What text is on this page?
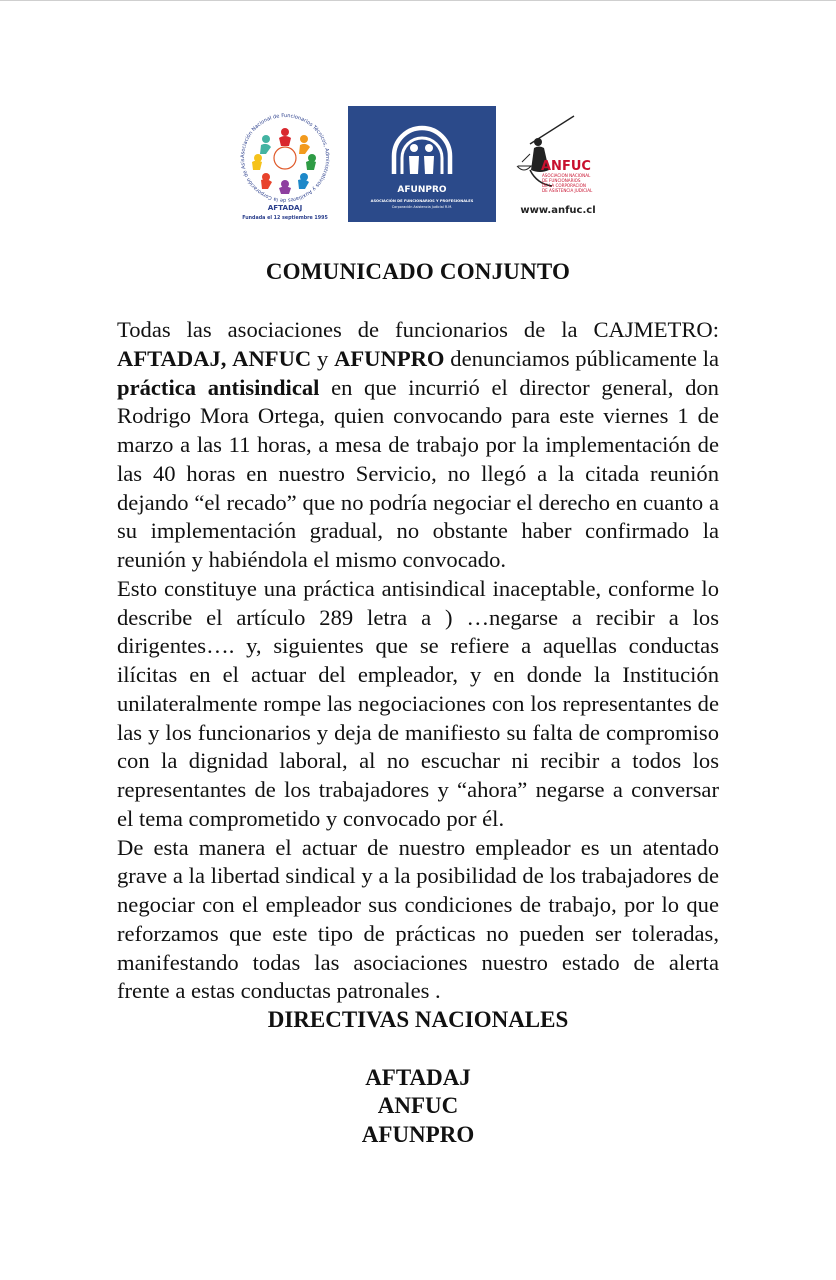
Asociación Nacional de Funcionarios Técnicos, Administrativos y Auxiliares de la Corporación de Asis
AFTADAJ
Fundada el 12 septiembre 1995
AFUNPRO
ASOCIACIÓN DE FUNCIONARIOS Y PROFESIONALES
Corporación Asistencia Judicial R.M.
ANFUC
ASOCIACION NACIONAL
DE FUNCIONARIOS
DE LA CORPORACION
DE ASISTENCIA JUDICIAL
www.anfuc.cl
COMUNICADO CONJUNTO

Todas las asociaciones de funcionarios de la CAJMETRO: AFTADAJ, ANFUC y AFUNPRO denunciamos públicamente la práctica antisindical en que incurrió el director general, don Rodrigo Mora Ortega, quien convocando para este viernes 1 de marzo a las 11 horas, a mesa de trabajo por la implementación de las 40 horas en nuestro Servicio, no llegó a la citada reunión dejando “el recado” que no podría negociar el derecho en cuanto a su implementación gradual, no obstante haber confirmado la reunión y habiéndola el mismo convocado.

Esto constituye una práctica antisindical inaceptable, conforme lo describe el artículo 289 letra a ) …negarse a recibir a los dirigentes…. y, siguientes que se refiere a aquellas conductas ilícitas en el actuar del empleador, y en donde la Institución unilateralmente rompe las negociaciones con los representantes de las y los funcionarios y deja de manifiesto su falta de compromiso con la dignidad laboral, al no escuchar ni recibir a todos los representantes de los trabajadores y “ahora” negarse a conversar el tema comprometido y convocado por él.

De esta manera el actuar de nuestro empleador es un atentado grave a la libertad sindical y a la posibilidad de los trabajadores de negociar con el empleador sus condiciones de trabajo, por lo que reforzamos que este tipo de prácticas no pueden ser toleradas, manifestando todas las asociaciones nuestro estado de alerta frente a estas conductas patronales .

DIRECTIVAS NACIONALES
AFTADAJ
ANFUC
AFUNPRO
